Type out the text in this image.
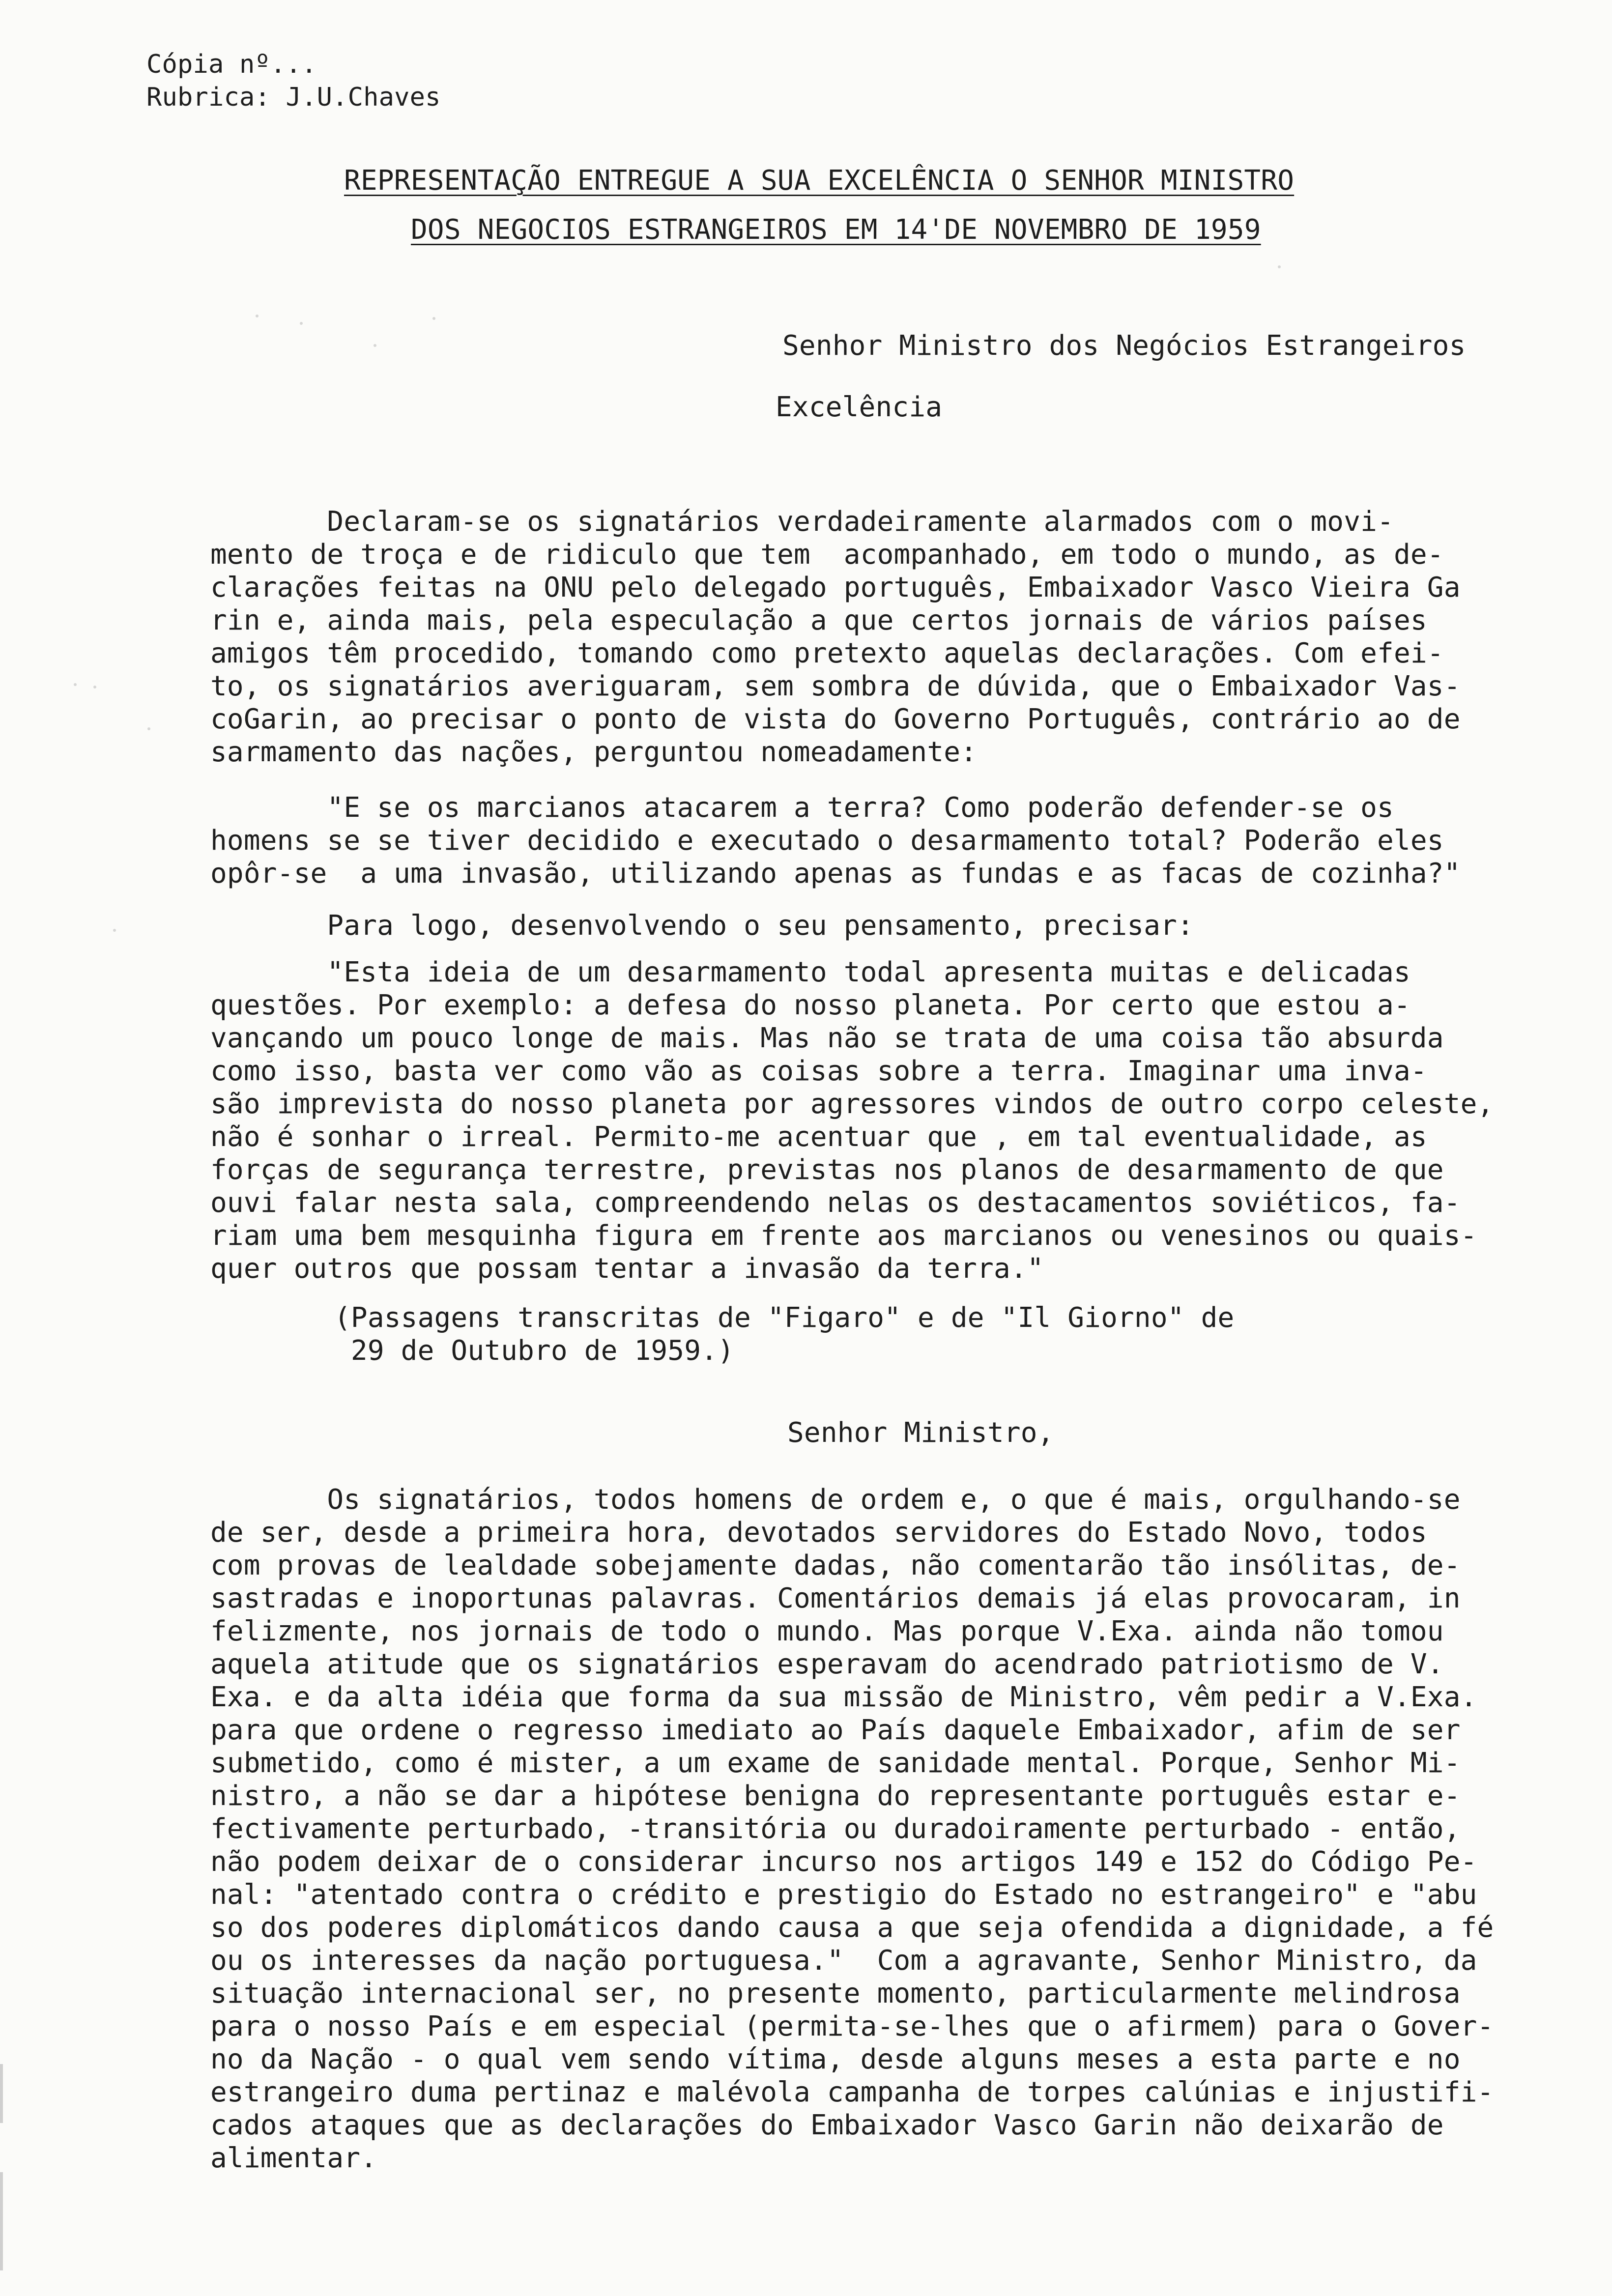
Cópia nº...
Rubrica: J.U.Chaves
REPRESENTAÇÃO ENTREGUE A SUA EXCELÊNCIA O SENHOR MINISTRO
DOS NEGOCIOS ESTRANGEIROS EM 14'DE NOVEMBRO DE 1959
Senhor Ministro dos Negócios Estrangeiros
Excelência
Declaram-se os signatários verdadeiramente alarmados com o movi-
mento de troça e de ridiculo que tem  acompanhado, em todo o mundo, as de-
clarações feitas na ONU pelo delegado português, Embaixador Vasco Vieira Ga
rin e, ainda mais, pela especulação a que certos jornais de vários países
amigos têm procedido, tomando como pretexto aquelas declarações. Com efei-
to, os signatários averiguaram, sem sombra de dúvida, que o Embaixador Vas-
coGarin, ao precisar o ponto de vista do Governo Português, contrário ao de
sarmamento das nações, perguntou nomeadamente:
"E se os marcianos atacarem a terra? Como poderão defender-se os
homens se se tiver decidido e executado o desarmamento total? Poderão eles
opôr-se  a uma invasão, utilizando apenas as fundas e as facas de cozinha?"
Para logo, desenvolvendo o seu pensamento, precisar:
"Esta ideia de um desarmamento todal apresenta muitas e delicadas
questões. Por exemplo: a defesa do nosso planeta. Por certo que estou a-
vançando um pouco longe de mais. Mas não se trata de uma coisa tão absurda
como isso, basta ver como vão as coisas sobre a terra. Imaginar uma inva-
são imprevista do nosso planeta por agressores vindos de outro corpo celeste,
não é sonhar o irreal. Permito-me acentuar que , em tal eventualidade, as
forças de segurança terrestre, previstas nos planos de desarmamento de que
ouvi falar nesta sala, compreendendo nelas os destacamentos soviéticos, fa-
riam uma bem mesquinha figura em frente aos marcianos ou venesinos ou quais-
quer outros que possam tentar a invasão da terra."
(Passagens transcritas de "Figaro" e de "Il Giorno" de
29 de Outubro de 1959.)
Senhor Ministro,
Os signatários, todos homens de ordem e, o que é mais, orgulhando-se
de ser, desde a primeira hora, devotados servidores do Estado Novo, todos
com provas de lealdade sobejamente dadas, não comentarão tão insólitas, de-
sastradas e inoportunas palavras. Comentários demais já elas provocaram, in
felizmente, nos jornais de todo o mundo. Mas porque V.Exa. ainda não tomou
aquela atitude que os signatários esperavam do acendrado patriotismo de V.
Exa. e da alta idéia que forma da sua missão de Ministro, vêm pedir a V.Exa.
para que ordene o regresso imediato ao País daquele Embaixador, afim de ser
submetido, como é mister, a um exame de sanidade mental. Porque, Senhor Mi-
nistro, a não se dar a hipótese benigna do representante português estar e-
fectivamente perturbado, -transitória ou duradoiramente perturbado - então,
não podem deixar de o considerar incurso nos artigos 149 e 152 do Código Pe-
nal: "atentado contra o crédito e prestigio do Estado no estrangeiro" e "abu
so dos poderes diplomáticos dando causa a que seja ofendida a dignidade, a fé
ou os interesses da nação portuguesa."  Com a agravante, Senhor Ministro, da
situação internacional ser, no presente momento, particularmente melindrosa
para o nosso País e em especial (permita-se-lhes que o afirmem) para o Gover-
no da Nação - o qual vem sendo vítima, desde alguns meses a esta parte e no
estrangeiro duma pertinaz e malévola campanha de torpes calúnias e injustifi-
cados ataques que as declarações do Embaixador Vasco Garin não deixarão de
alimentar.
